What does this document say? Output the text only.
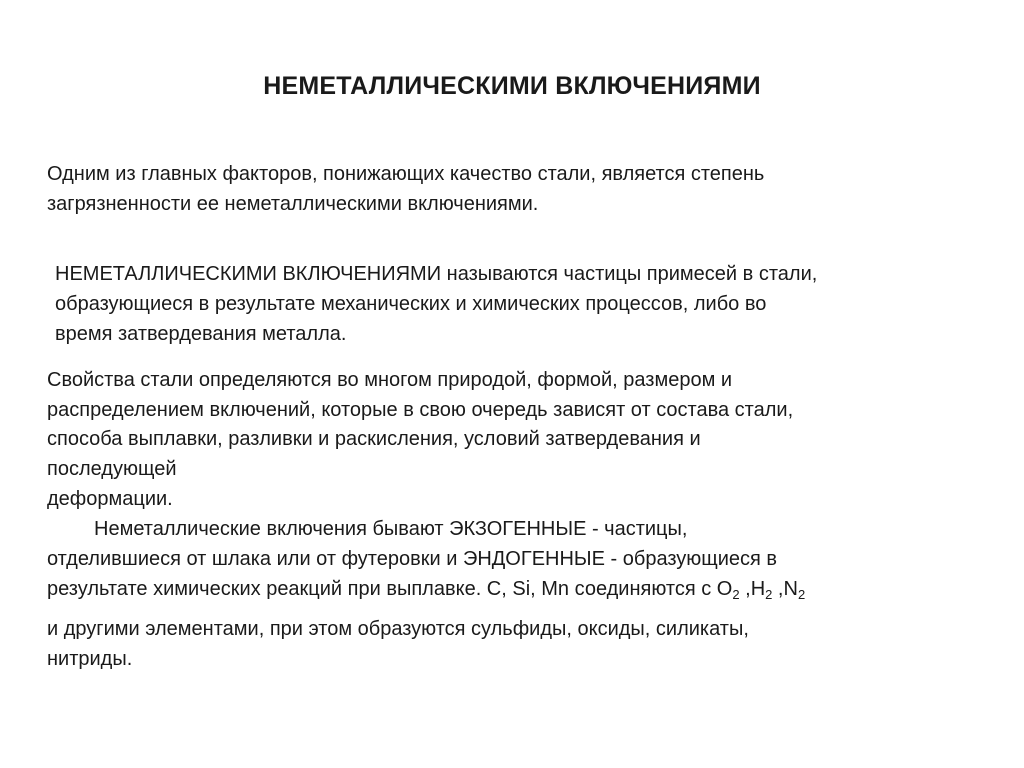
НЕМЕТАЛЛИЧЕСКИМИ ВКЛЮЧЕНИЯМИ
Одним из главных факторов, понижающих качество стали, является степень
загрязненности ее неметаллическими включениями.
НЕМЕТАЛЛИЧЕСКИМИ ВКЛЮЧЕНИЯМИ называются частицы примесей в стали,
образующиеся в результате механических и химических процессов, либо во
время затвердевания металла.
Свойства стали определяются во многом природой, формой, размером и
распределением включений, которые в свою очередь зависят от состава стали,
способа выплавки, разливки и раскисления, условий затвердевания и
последующей
деформации.
Неметаллические включения бывают ЭКЗОГЕННЫЕ - частицы,
отделившиеся от шлака или от футеровки и ЭНДОГЕННЫЕ - образующиеся в
результате химических реакций при выплавке. С, Si, Mn соединяются с $O_2$ $,H_2$ $,N_2$
и другими элементами, при этом образуются сульфиды, оксиды, силикаты,
нитриды.
